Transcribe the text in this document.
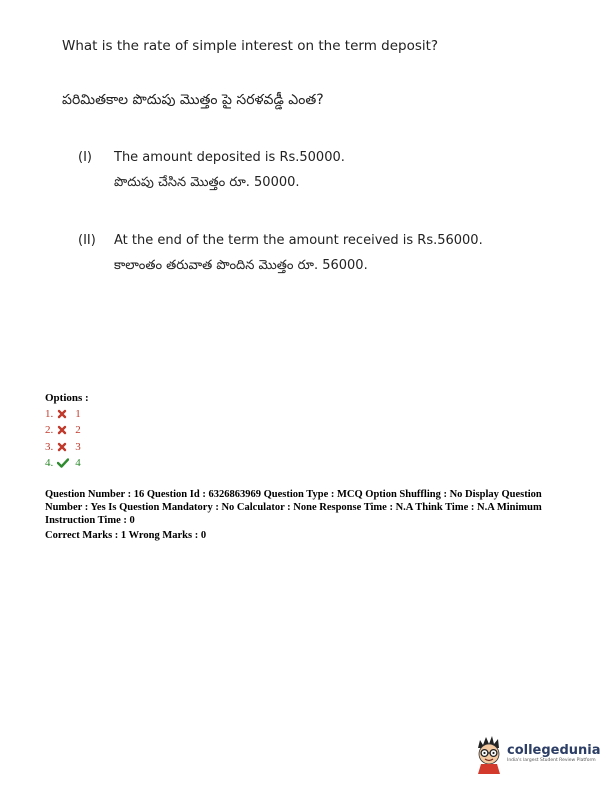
What is the rate of simple interest on the term deposit?
పరిమితకాల పొదుపు మొత్తం పై సరళవడ్డీ ఎంత?
(I)	The amount deposited is Rs.50000.
పొదుపు చేసిన మొత్తం రూ. 50000.
(II)	At the end of the term the amount received is Rs.56000.
కాలాంతం తరువాత పొందిన మొత్తం రూ. 56000.
Options :
1. 1
2. 2
3. 3
4. 4

Question Number : 16 Question Id : 6326863969 Question Type : MCQ Option Shuffling : No Display Question Number : Yes Is Question Mandatory : No Calculator : None Response Time : N.A Think Time : N.A Minimum Instruction Time : 0

Correct Marks : 1 Wrong Marks : 0

collegedunia
India's largest Student Review Platform
